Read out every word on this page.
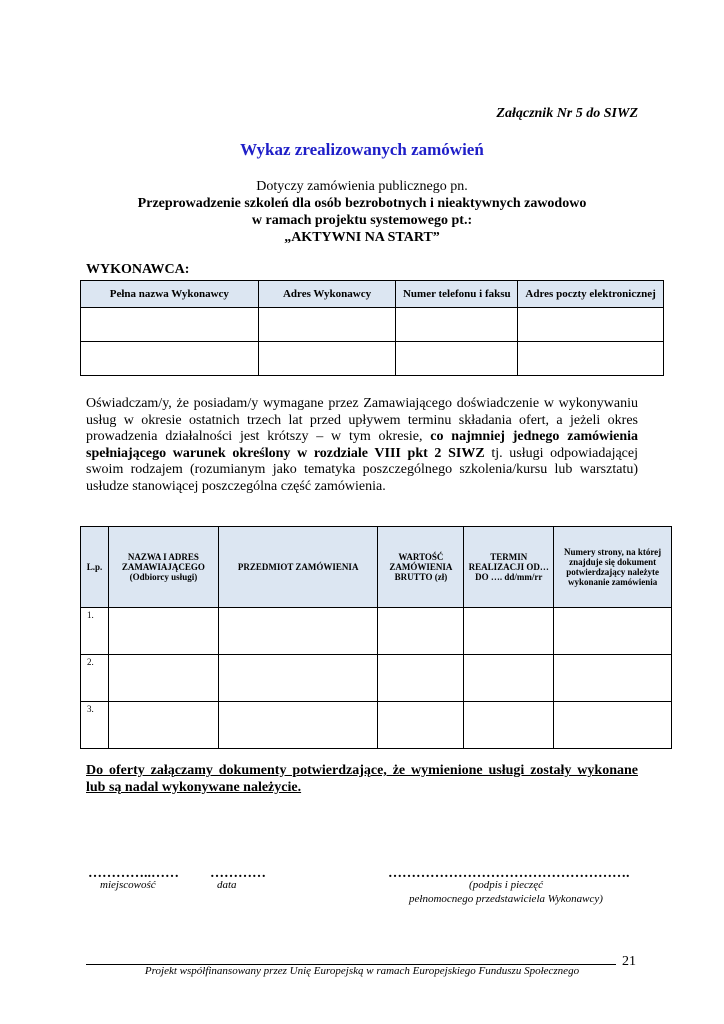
Załącznik Nr 5 do SIWZ
Wykaz zrealizowanych zamówień
Dotyczy zamówienia publicznego pn.
Przeprowadzenie szkoleń dla osób bezrobotnych i nieaktywnych zawodowo
w ramach projektu systemowego pt.:
„AKTYWNI NA START”
WYKONAWCA:
Pełna nazwa Wykonawcy	Adres Wykonawcy	Numer telefonu i faksu	Adres poczty elektronicznej

Oświadczam/y, że posiadam/y wymagane przez Zamawiającego doświadczenie w wykonywaniu usług w okresie ostatnich trzech lat przed upływem terminu składania ofert, a jeżeli okres prowadzenia działalności jest krótszy – w tym okresie, co najmniej jednego zamówienia spełniającego warunek określony w rozdziale VIII pkt 2 SIWZ tj. usługi odpowiadającej swoim rodzajem (rozumianym jako tematyka poszczególnego szkolenia/kursu lub warsztatu) usłudze stanowiącej poszczególna część zamówienia.
L.p.	NAZWA I ADRES ZAMAWIAJĄCEGO (Odbiorcy usługi)	PRZEDMIOT ZAMÓWIENIA	WARTOŚĆ ZAMÓWIENIA BRUTTO (zł)	TERMIN REALIZACJI OD… DO …. dd/mm/rr	Numery strony, na której znajduje się dokument potwierdzający należyte wykonanie zamówienia
1.					
2.					
3.					
Do oferty załączamy dokumenty potwierdzające, że wymienione usługi zostały wykonane lub są nadal wykonywane należycie.
…………..…… …………	…………………………………………….
miejscowość	data	(podpis i pieczęć
pełnomocnego przedstawiciela Wykonawcy)
21
Projekt współfinansowany przez Unię Europejską w ramach Europejskiego Funduszu Społecznego
